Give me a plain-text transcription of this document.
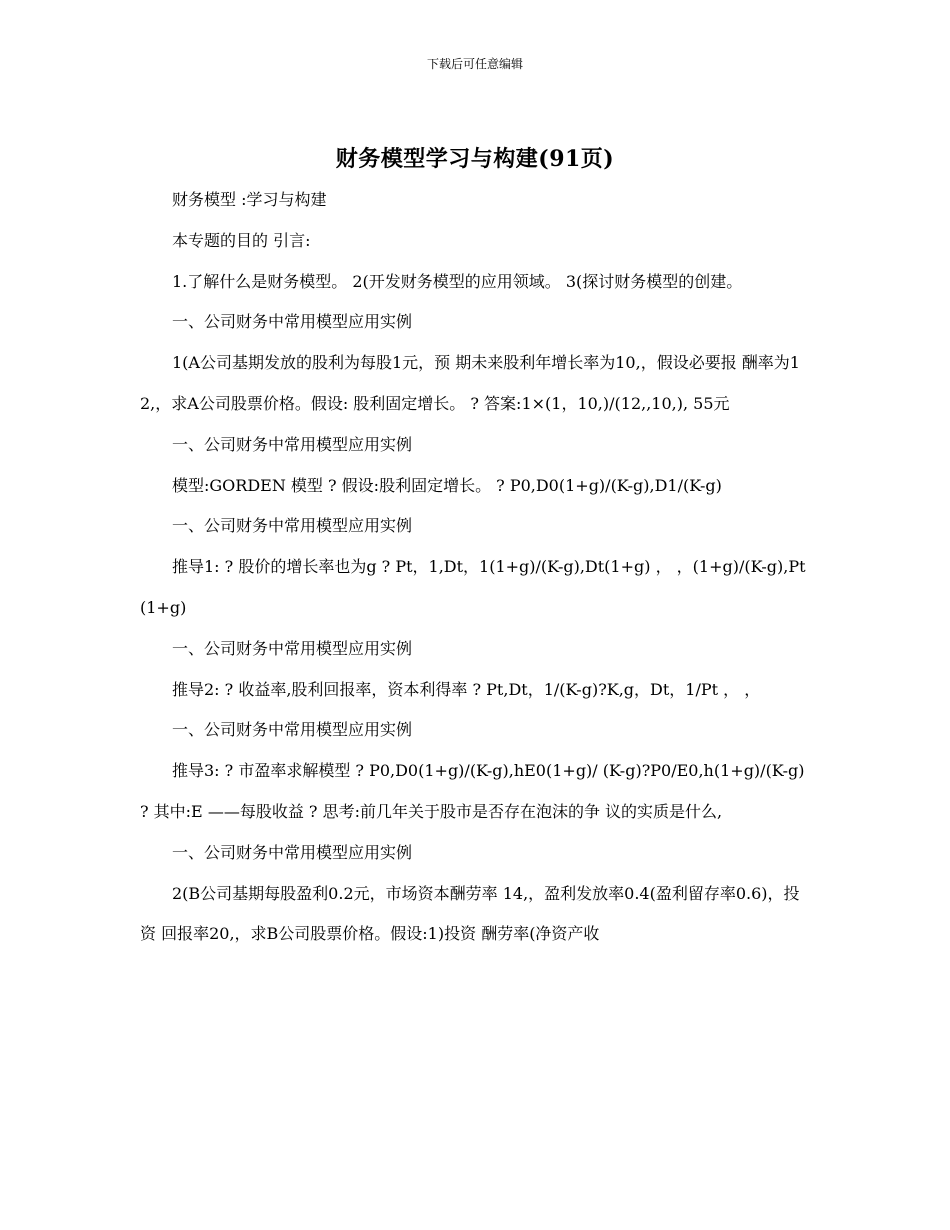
下载后可任意编辑
财务模型学习与构建(91页)

财务模型 :学习与构建

本专题的目的 引言:

1.了解什么是财务模型。 2(开发财务模型的应用领域。 3(探讨财务模型的创建。

一、公司财务中常用模型应用实例

1(A公司基期发放的股利为每股1元，预 期未来股利年增长率为10,，假设必要报 酬率为12,，求A公司股票价格。假设: 股利固定增长。 ? 答案:1×(1，10,)/(12,,10,), 55元

一、公司财务中常用模型应用实例

模型:GORDEN 模型 ? 假设:股利固定增长。 ? P0,D0(1+g)/(K-g),D1/(K-g)

一、公司财务中常用模型应用实例

推导1: ? 股价的增长率也为g ? Pt，1,Dt，1(1+g)/(K-g),Dt(1+g) ， ，(1+g)/(K-g),Pt(1+g)

一、公司财务中常用模型应用实例

推导2: ? 收益率,股利回报率，资本利得率 ? Pt,Dt，1/(K-g)?K,g，Dt，1/Pt ， ，

一、公司财务中常用模型应用实例

推导3: ? 市盈率求解模型 ? P0,D0(1+g)/(K-g),hE0(1+g)/ (K-g)?P0/E0,h(1+g)/(K-g) ? 其中:E ——每股收益 ? 思考:前几年关于股市是否存在泡沫的争 议的实质是什么,

一、公司财务中常用模型应用实例

2(B公司基期每股盈利0.2元，市场资本酬劳率 14,，盈利发放率0.4(盈利留存率0.6)，投资 回报率20,，求B公司股票价格。假设:1)投资 酬劳率(净资产收
